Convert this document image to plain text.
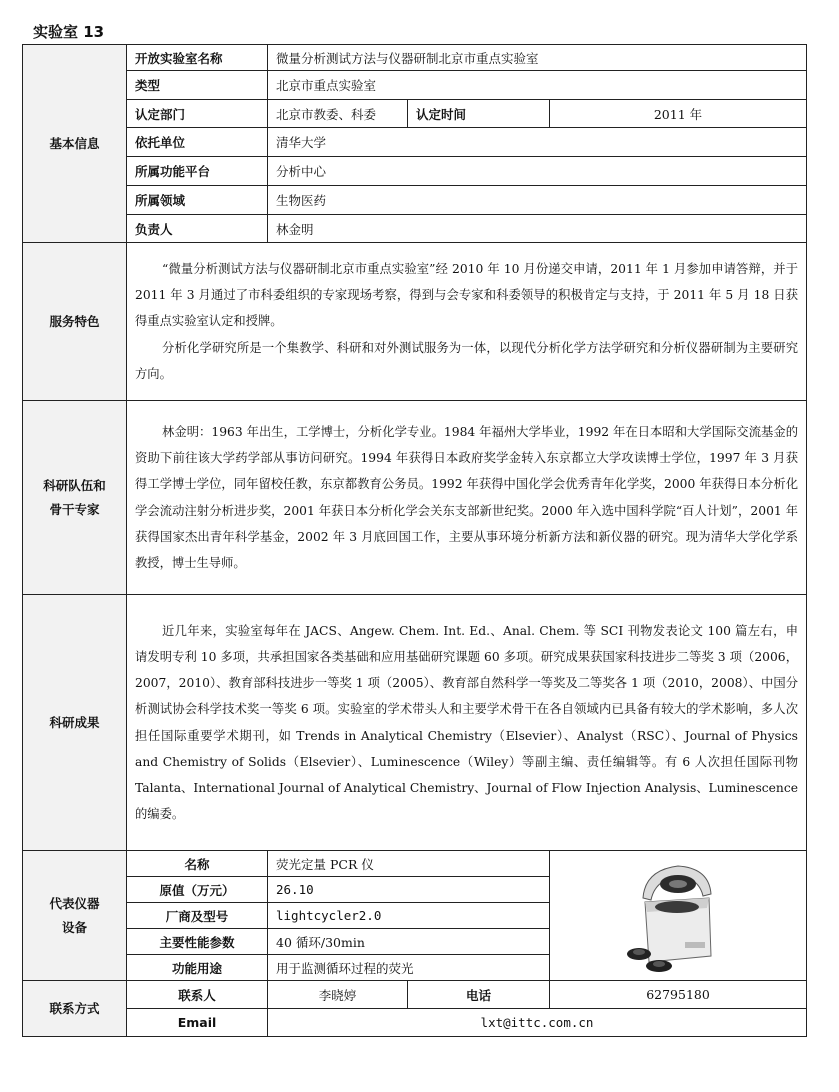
实验室 13
基本信息	开放实验室名称	微量分析测试方法与仪器研制北京市重点实验室		
	类型	北京市重点实验室		
	认定部门	北京市教委、科委	认定时间	2011 年
	依托单位	清华大学		
	所属功能平台	分析中心		
	所属领域	生物医药		
	负责人	林金明		
服务特色	“微量分析测试方法与仪器研制北京市重点实验室”经 2010 年 10 月份递交申请，2011 年 1 月参加申请答辩，并于 2011 年 3 月通过了市科委组织的专家现场考察，得到与会专家和科委领导的积极肯定与支持，于 2011 年 5 月 18 日获得重点实验室认定和授牌。

分析化学研究所是一个集教学、科研和对外测试服务为一体，以现代分析化学方法学研究和分析仪器研制为主要研究方向。			

科研队伍和
骨干专家	林金明：1963 年出生，工学博士，分析化学专业。1984 年福州大学毕业，1992 年在日本昭和大学国际交流基金的资助下前往该大学药学部从事访问研究。1994 年获得日本政府奖学金转入东京都立大学攻读博士学位，1997 年 3 月获得工学博士学位，同年留校任教，东京都教育公务员。1992 年获得中国化学会优秀青年化学奖，2000 年获得日本分析化学会流动注射分析进步奖，2001 年获日本分析化学会关东支部新世纪奖。2000 年入选中国科学院“百人计划”，2001 年获得国家杰出青年科学基金，2002 年 3 月底回国工作，主要从事环境分析新方法和新仪器的研究。现为清华大学化学系教授，博士生导师。			

科研成果	近几年来，实验室每年在 JACS、Angew. Chem. Int. Ed.、Anal. Chem. 等 SCI 刊物发表论文 100 篇左右，申请发明专利 10 多项，共承担国家各类基础和应用基础研究课题 60 多项。研究成果获国家科技进步二等奖 3 项（2006，2007，2010）、教育部科技进步一等奖 1 项（2005）、教育部自然科学一等奖及二等奖各 1 项（2010，2008）、中国分析测试协会科学技术奖一等奖 6 项。实验室的学术带头人和主要学术骨干在各自领域内已具备有较大的学术影响，多人次担任国际重要学术期刊，如 Trends in Analytical Chemistry（Elsevier）、Analyst（RSC）、Journal of Physics and Chemistry of Solids（Elsevier）、Luminescence（Wiley）等副主编、责任编辑等。有 6 人次担任国际刊物 Talanta、International Journal of Analytical Chemistry、Journal of Flow Injection Analysis、Luminescence 的编委。			

代表仪器
设备	名称	荧光定量 PCR 仪	

	原值（万元）	26.10		
	厂商及型号	lightcycler2.0		
	主要性能参数	40 循环/30min		
	功能用途	用于监测循环过程的荧光		
联系方式	联系人	李晓婷	电话	62795180
	Email	lxt@ittc.com.cn		
